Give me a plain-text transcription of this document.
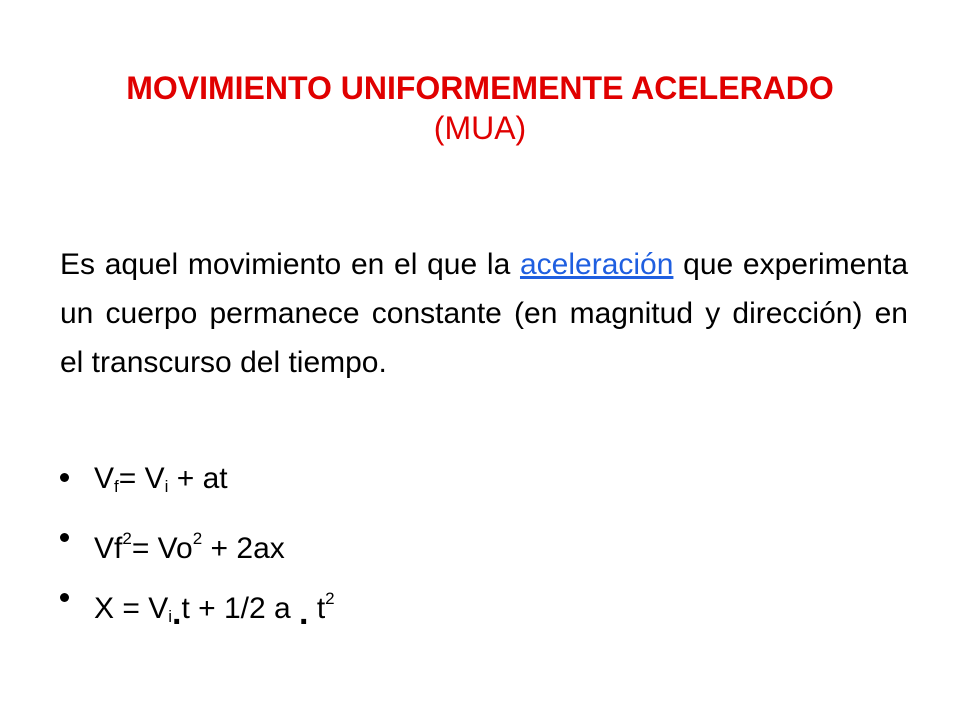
MOVIMIENTO UNIFORMEMENTE ACELERADO
(MUA)
Es aquel movimiento en el que la aceleración que experimenta un cuerpo permanece constante (en magnitud y dirección) en el transcurso del tiempo.
$V_f= V_i$ + at
$Vf^2= Vo^2 + 2ax$
$X = V_i.t + 1/2$ a . $t^2$
